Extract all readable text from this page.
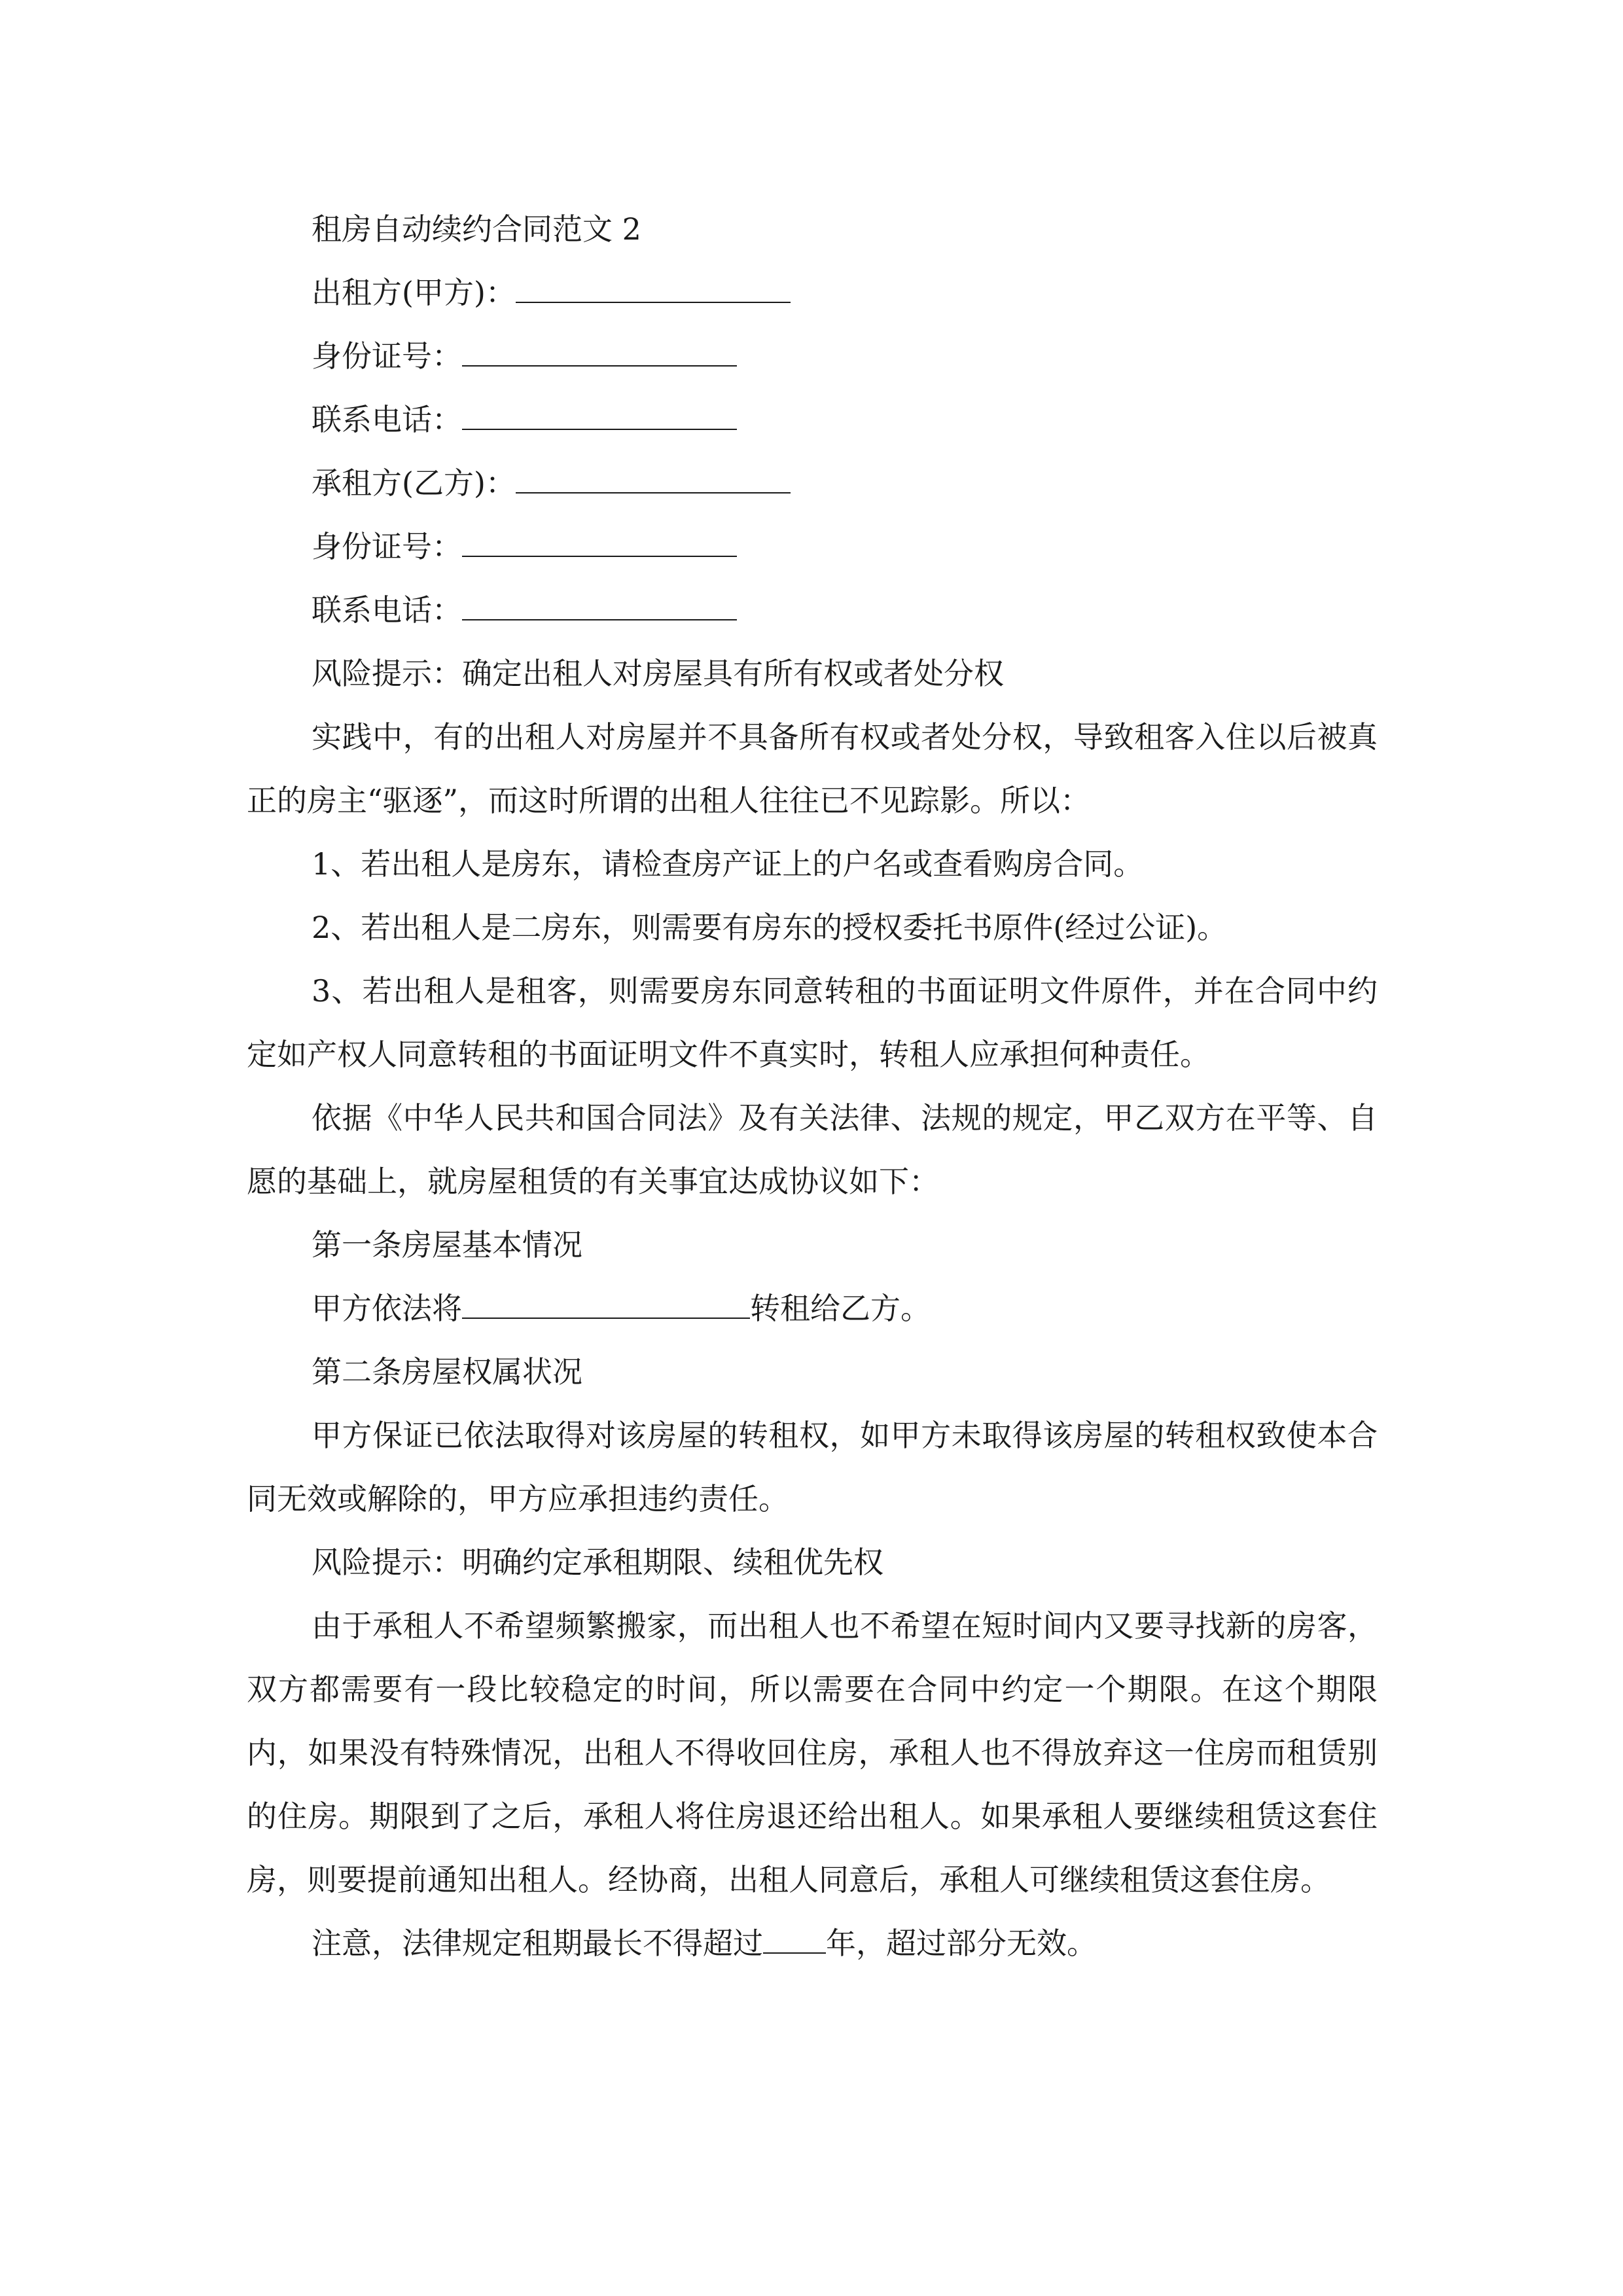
租房自动续约合同范文 2
出租方(甲方)：
身份证号：
联系电话：
承租方(乙方)：
身份证号：
联系电话：
风险提示：确定出租人对房屋具有所有权或者处分权
实践中，有的出租人对房屋并不具备所有权或者处分权，导致租客入住以后被真正的房主“驱逐”，而这时所谓的出租人往往已不见踪影。所以：
1、若出租人是房东，请检查房产证上的户名或查看购房合同。
2、若出租人是二房东，则需要有房东的授权委托书原件(经过公证)。
3、若出租人是租客，则需要房东同意转租的书面证明文件原件，并在合同中约定如产权人同意转租的书面证明文件不真实时，转租人应承担何种责任。
依据《中华人民共和国合同法》及有关法律、法规的规定，甲乙双方在平等、自愿的基础上，就房屋租赁的有关事宜达成协议如下：
第一条房屋基本情况
甲方依法将	转租给乙方。
第二条房屋权属状况
甲方保证已依法取得对该房屋的转租权，如甲方未取得该房屋的转租权致使本合同无效或解除的，甲方应承担违约责任。
风险提示：明确约定承租期限、续租优先权
由于承租人不希望频繁搬家，而出租人也不希望在短时间内又要寻找新的房客，双方都需要有一段比较稳定的时间，所以需要在合同中约定一个期限。在这个期限内，如果没有特殊情况，出租人不得收回住房，承租人也不得放弃这一住房而租赁别的住房。期限到了之后，承租人将住房退还给出租人。如果承租人要继续租赁这套住房，则要提前通知出租人。经协商，出租人同意后，承租人可继续租赁这套住房。
注意，法律规定租期最长不得超过 年，超过部分无效。
